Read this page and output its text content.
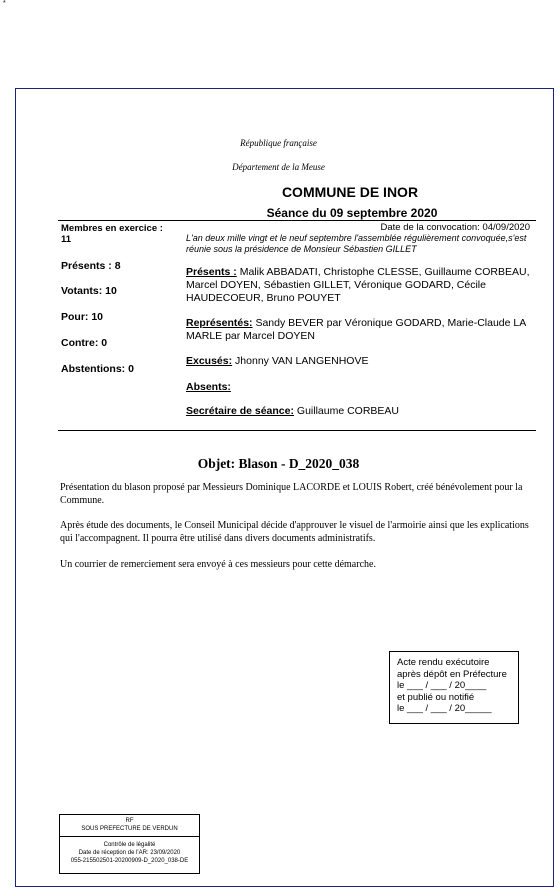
*
République française
Département de la Meuse
COMMUNE DE INOR
Séance du 09 septembre 2020
Membres en exercice :
11
Présents : 8
Votants: 10
Pour: 10
Contre: 0
Abstentions: 0
Date de la convocation: 04/09/2020
L'an deux mille vingt et le neuf septembre l'assemblée régulièrement convoquée,s'est réunie sous la présidence de Monsieur Sébastien GILLET
Présents : Malik ABBADATI, Christophe CLESSE, Guillaume CORBEAU, Marcel DOYEN, Sébastien GILLET, Véronique GODARD, Cécile HAUDECOEUR, Bruno POUYET
Représentés: Sandy BEVER par Véronique GODARD, Marie-Claude LA MARLE par Marcel DOYEN
Excusés: Jhonny VAN LANGENHOVE
Absents:
Secrétaire de séance: Guillaume CORBEAU
Objet: Blason - D_2020_038
Présentation du blason proposé par Messieurs Dominique LACORDE et LOUIS Robert, créé bénévolement pour la Commune.
Après étude des documents, le Conseil Municipal décide d'approuver le visuel de l'armoirie ainsi que les explications qui l'accompagnent. Il pourra être utilisé dans divers documents administratifs.
Un courrier de remerciement sera envoyé à ces messieurs pour cette démarche.
Acte rendu exécutoire
après dépôt en Préfecture
le ___ / ___ / 20____
et publié ou notifié
le ___ / ___ / 20_____
RF
SOUS PREFECTURE DE VERDUN
Contrôle de légalité
Date de réception de l'AR: 23/09/2020
055-215502501-20200909-D_2020_038-DE
